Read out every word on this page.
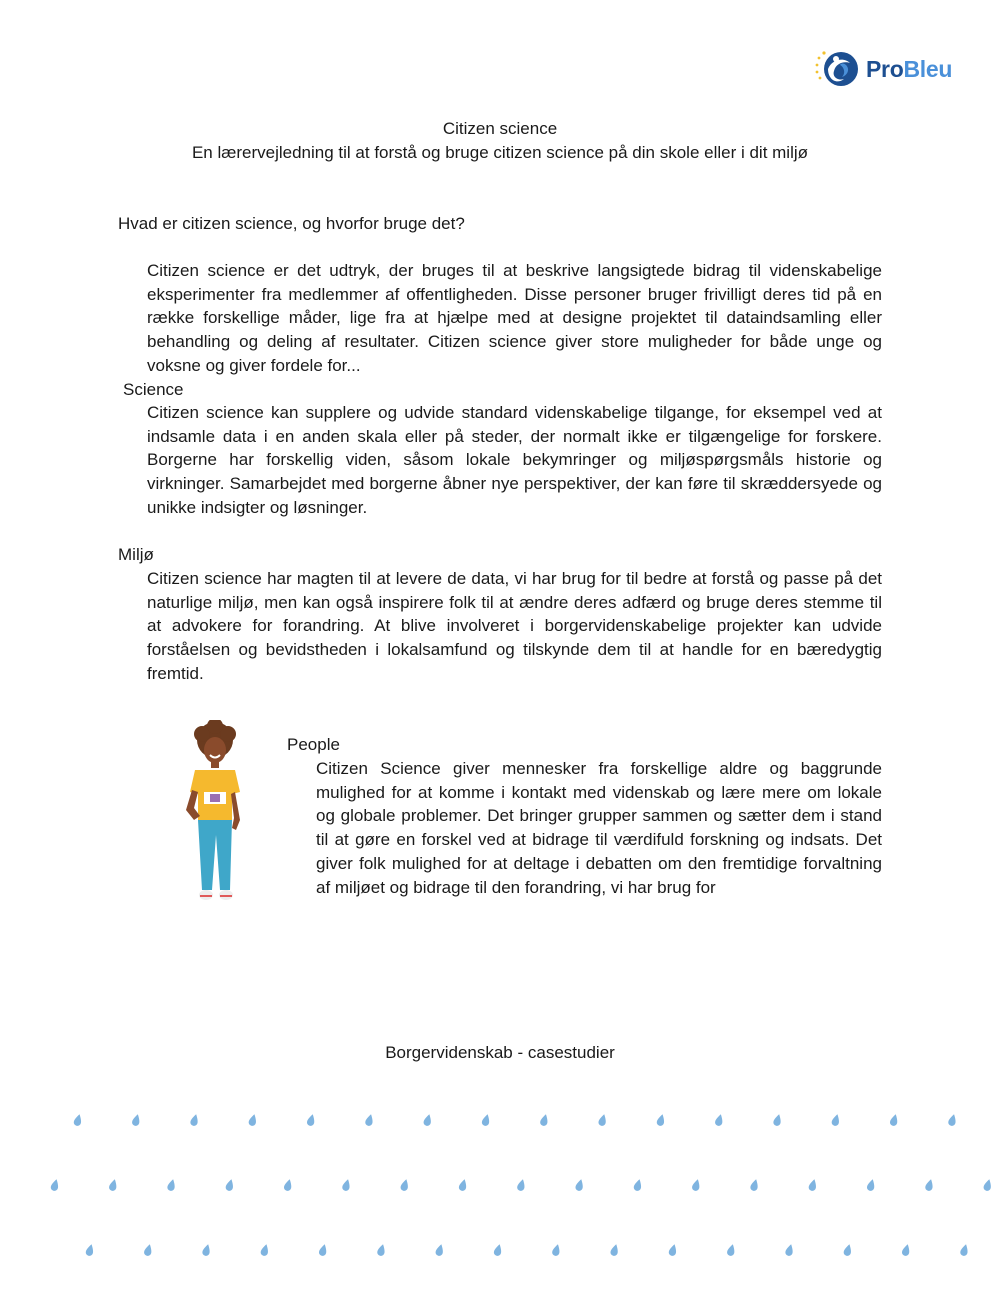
ProBleu
Citizen science
En lærervejledning til at forstå og bruge citizen science på din skole eller i dit miljø
Hvad er citizen science, og hvorfor bruge det?
Citizen science er det udtryk, der bruges til at beskrive langsigtede bidrag til videnskabelige eksperimenter fra medlemmer af offentligheden. Disse personer bruger frivilligt deres tid på en række forskellige måder, lige fra at hjælpe med at designe projektet til dataindsamling eller behandling og deling af resultater. Citizen science giver store muligheder for både unge og voksne og giver fordele for...
Science
Citizen science kan supplere og udvide standard videnskabelige tilgange, for eksempel ved at indsamle data i en anden skala eller på steder, der normalt ikke er tilgængelige for forskere. Borgerne har forskellig viden, såsom lokale bekymringer og miljøspørgsmåls historie og virkninger. Samarbejdet med borgerne åbner nye perspektiver, der kan føre til skræddersyede og unikke indsigter og løsninger.
Miljø
Citizen science har magten til at levere de data, vi har brug for til bedre at forstå og passe på det naturlige miljø, men kan også inspirere folk til at ændre deres adfærd og bruge deres stemme til at advokere for forandring. At blive involveret i borgervidenskabelige projekter kan udvide forståelsen og bevidstheden i lokalsamfund og tilskynde dem til at handle for en bæredygtig fremtid.
People
Citizen Science giver mennesker fra forskellige aldre og baggrunde mulighed for at komme i kontakt med videnskab og lære mere om lokale og globale problemer. Det bringer grupper sammen og sætter dem i stand til at gøre en forskel ved at bidrage til værdifuld forskning og indsats. Det giver folk mulighed for at deltage i debatten om den fremtidige forvaltning af miljøet og bidrage til den forandring, vi har brug for
Borgervidenskab - casestudier
